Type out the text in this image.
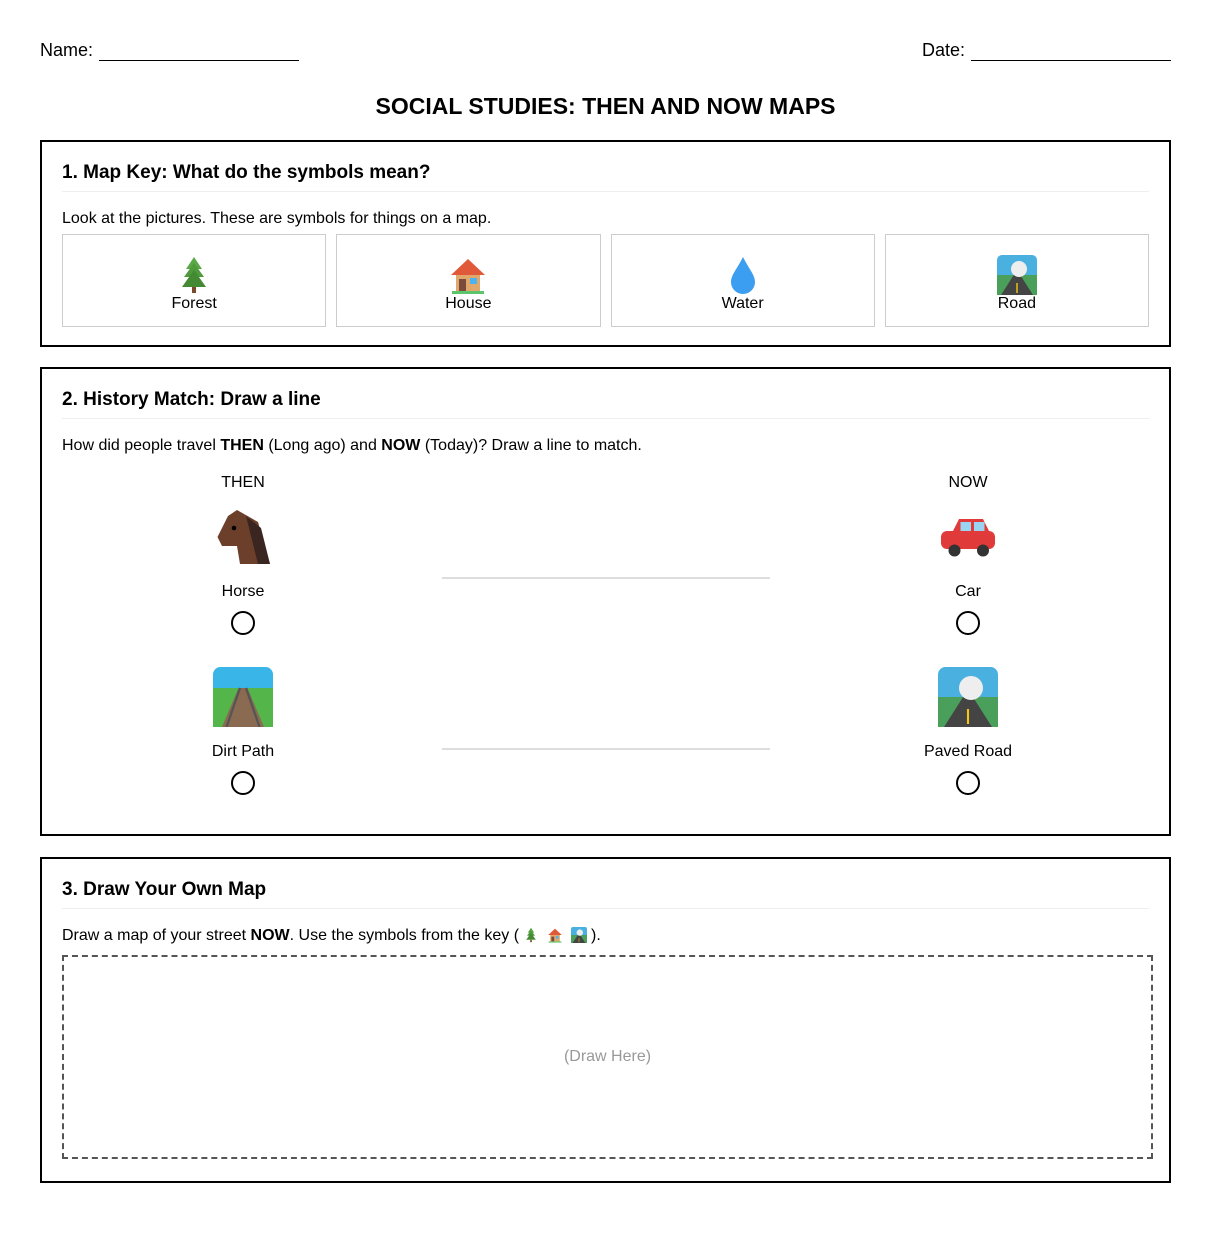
Name:	Date:
SOCIAL STUDIES: THEN AND NOW MAPS
1. Map Key: What do the symbols mean?

Look at the pictures. These are symbols for things on a map.

Forest	House	Water	Road
2. History Match: Draw a line

How did people travel THEN (Long ago) and NOW (Today)? Draw a line to match.

THEN	NOW
Horse
Dirt Path
Car
Paved Road
3. Draw Your Own Map

Draw a map of your street NOW. Use the symbols from the key (	).

(Draw Here)
